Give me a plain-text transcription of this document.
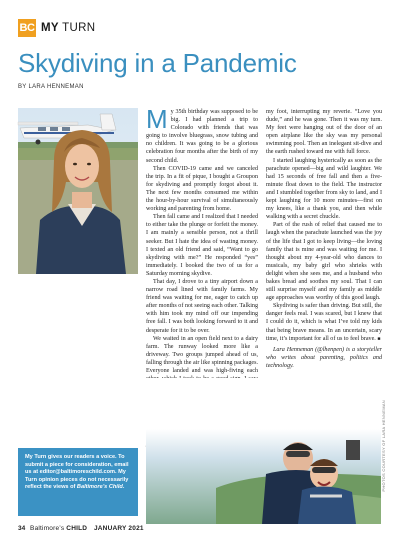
BC MY TURN
Skydiving in a Pandemic
BY LARA HENNEMAN
M y 35th birthday was supposed to be big. I had planned a trip to Colorado with friends that was going to involve bluegrass, snow tubing and no children. It was going to be a glorious celebration four months after the birth of my second child.

Then COVID-19 came and we canceled the trip. In a fit of pique, I bought a Groupon for skydiving and promptly forgot about it. The next few months consumed me within the hour-by-hour survival of simultaneously working and parenting from home.

Then fall came and I realized that I needed to either take the plunge or forfeit the money. I am mainly a sensible person, not a thrill seeker. But I hate the idea of wasting money. I texted an old friend and said, “Want to go skydiving with me?” He responded “yes” immediately. I booked the two of us for a Saturday morning skydive.

That day, I drove to a tiny airport down a narrow road lined with family farms. My friend was waiting for me, eager to catch up after months of not seeing each other. Talking with him took my mind off our impending free fall. I was both looking forward to it and desperate for it to be over.

We waited in an open field next to a dairy farm. The runway looked more like a driveway. Two groups jumped ahead of us, falling through the air like spinning packages. Everyone landed and was high-fiving each

my foot, interrupting my reverie. “Love you dude,” and he was gone. Then it was my turn. My feet were hanging out of the door of an open airplane like the sky was my personal swimming pool. Then an inelegant sit-dive and the earth rushed toward me with full force.

I started laughing hysterically as soon as the parachute opened—big and wild laughter. We had 15 seconds of free fall and then a five-minute float down to the field. The instructor and I stumbled together from sky to land, and I kept laughing for 10 more minutes—first on my knees, like a thank you, and then while walking with a secret chuckle.

Part of the rush of relief that caused me to laugh when the parachute launched was the joy of the life that I got to keep living—the loving family that is mine and was waiting for me. I thought about my 4-year-old who dances to musicals, my baby girl who shrieks with delight when she sees me, and a husband who bakes bread and soothes my soul. That I can still surprise myself and my family as middle age approaches was worthy of this good laugh.

Skydiving is safer than driving. But still, the danger feels real. I was scared, but I knew that I could do it, which is what I’ve told my kids that being brave means. In an uncertain, scary time, it’s important for all of us to feel brave. ■

Lara Henneman (@lhenpen) is a storyteller who writes about parenting, politics and technology.

PHOTOS COURTESY OF LARA HENNEMAN
My Turn gives our readers a voice. To submit a piece for consideration, email us at editor@baltimoreschild.com. My Turn opinion pieces do not necessarily reflect the views of Baltimore’s Child.
34 Baltimore’s CHILD JANUARY 2021
